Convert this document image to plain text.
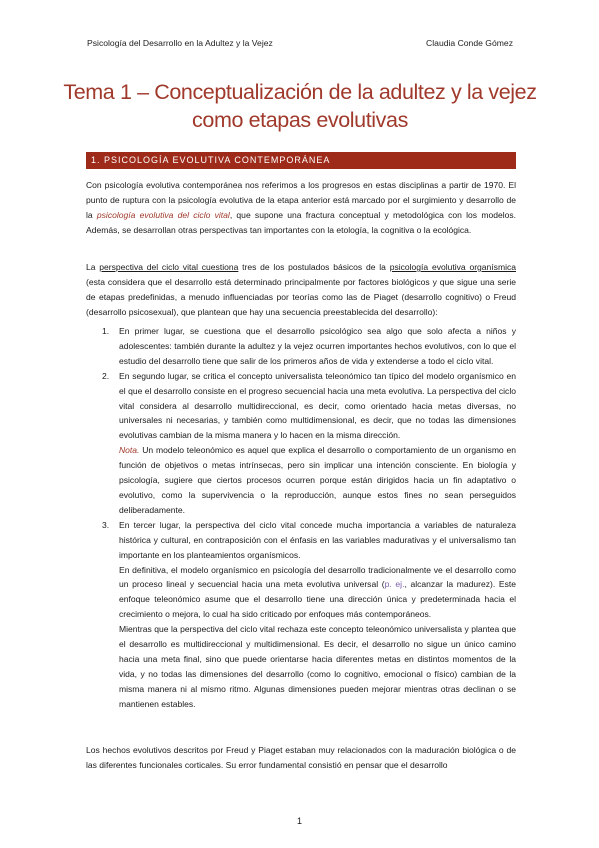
Psicología del Desarrollo en la Adultez y la Vejez	Claudia Conde Gómez
Tema 1 – Conceptualización de la adultez y la vejez
como etapas evolutivas
1. PSICOLOGÍA EVOLUTIVA CONTEMPORÁNEA
Con psicología evolutiva contemporánea nos referimos a los progresos en estas disciplinas a partir de 1970. El punto de ruptura con la psicología evolutiva de la etapa anterior está marcado por el surgimiento y desarrollo de la psicología evolutiva del ciclo vital, que supone una fractura conceptual y metodológica con los modelos. Además, se desarrollan otras perspectivas tan importantes con la etología, la cognitiva o la ecológica.
La perspectiva del ciclo vital cuestiona tres de los postulados básicos de la psicología evolutiva organísmica (esta considera que el desarrollo está determinado principalmente por factores biológicos y que sigue una serie de etapas predefinidas, a menudo influenciadas por teorías como las de Piaget (desarrollo cognitivo) o Freud (desarrollo psicosexual), que plantean que hay una secuencia preestablecida del desarrollo):
1. En primer lugar, se cuestiona que el desarrollo psicológico sea algo que solo afecta a niños y adolescentes: también durante la adultez y la vejez ocurren importantes hechos evolutivos, con lo que el estudio del desarrollo tiene que salir de los primeros años de vida y extenderse a todo el ciclo vital.
2. En segundo lugar, se critica el concepto universalista teleonómico tan típico del modelo organísmico en el que el desarrollo consiste en el progreso secuencial hacia una meta evolutiva. La perspectiva del ciclo vital considera al desarrollo multidireccional, es decir, como orientado hacia metas diversas, no universales ni necesarias, y también como multidimensional, es decir, que no todas las dimensiones evolutivas cambian de la misma manera y lo hacen en la misma dirección.
Nota. Un modelo teleonómico es aquel que explica el desarrollo o comportamiento de un organismo en función de objetivos o metas intrínsecas, pero sin implicar una intención consciente. En biología y psicología, sugiere que ciertos procesos ocurren porque están dirigidos hacia un fin adaptativo o evolutivo, como la supervivencia o la reproducción, aunque estos fines no sean perseguidos deliberadamente.
3. En tercer lugar, la perspectiva del ciclo vital concede mucha importancia a variables de naturaleza histórica y cultural, en contraposición con el énfasis en las variables madurativas y el universalismo tan importante en los planteamientos organísmicos.
En definitiva, el modelo organísmico en psicología del desarrollo tradicionalmente ve el desarrollo como un proceso lineal y secuencial hacia una meta evolutiva universal (p. ej., alcanzar la madurez). Este enfoque teleonómico asume que el desarrollo tiene una dirección única y predeterminada hacia el crecimiento o mejora, lo cual ha sido criticado por enfoques más contemporáneos.
Mientras que la perspectiva del ciclo vital rechaza este concepto teleonómico universalista y plantea que el desarrollo es multidireccional y multidimensional. Es decir, el desarrollo no sigue un único camino hacia una meta final, sino que puede orientarse hacia diferentes metas en distintos momentos de la vida, y no todas las dimensiones del desarrollo (como lo cognitivo, emocional o físico) cambian de la misma manera ni al mismo ritmo. Algunas dimensiones pueden mejorar mientras otras declinan o se mantienen estables.
Los hechos evolutivos descritos por Freud y Piaget estaban muy relacionados con la maduración biológica o de las diferentes funcionales corticales. Su error fundamental consistió en pensar que el desarrollo
1
